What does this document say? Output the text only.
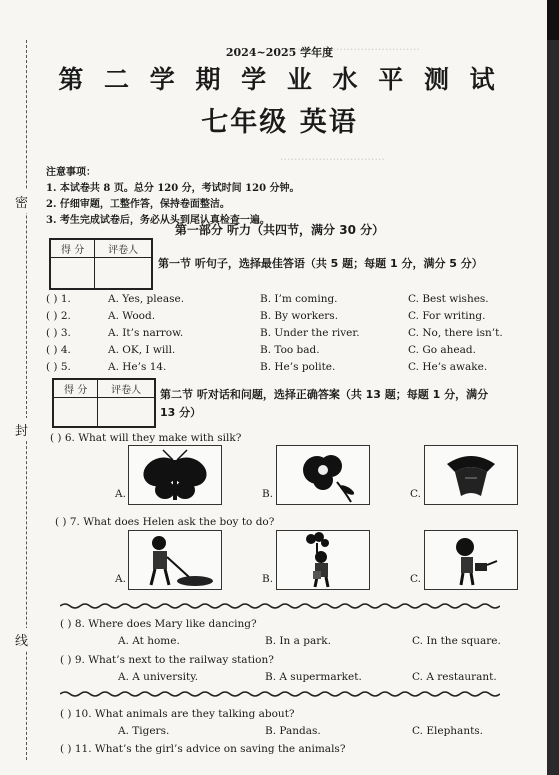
........................................
..............................
密
封
线
2024~2025 学年度
第 二 学 期 学 业 水 平 测 试
七年级 英语
注意事项：
1. 本试卷共 8 页。总分 120 分，考试时间 120 分钟。
2. 仔细审题，工整作答，保持卷面整洁。
3. 考生完成试卷后，务必从头到尾认真检查一遍。
第一部分 听力（共四节，满分 30 分）
得 分	评卷人

第一节 听句子，选择最佳答语（共 5 题；每题 1 分，满分 5 分）
( ) 1.	A. Yes, please.	B. I’m coming.	C. Best wishes.
( ) 2.	A. Wood.	B. By workers.	C. For writing.
( ) 3.	A. It’s narrow.	B. Under the river.	C. No, there isn’t.
( ) 4.	A. OK, I will.	B. Too bad.	C. Go ahead.
( ) 5.	A. He’s 14.	B. He’s polite.	C. He’s awake.
得 分	评卷人
	第二节 听对话和问题，选择正确答案（共 13 题；每题 1 分，满分
13 分）
( ) 6. What will they make with silk?
A.	B.	C.
( ) 7. What does Helen ask the boy to do?
A.	B.	C.
( ) 8. Where does Mary like dancing?
A. At home.	B. In a park.	C. In the square.
( ) 9. What’s next to the railway station?
A. A university.	B. A supermarket.	C. A restaurant.
( ) 10. What animals are they talking about?
A. Tigers.	B. Pandas.	C. Elephants.
( ) 11. What’s the girl’s advice on saving the animals?
